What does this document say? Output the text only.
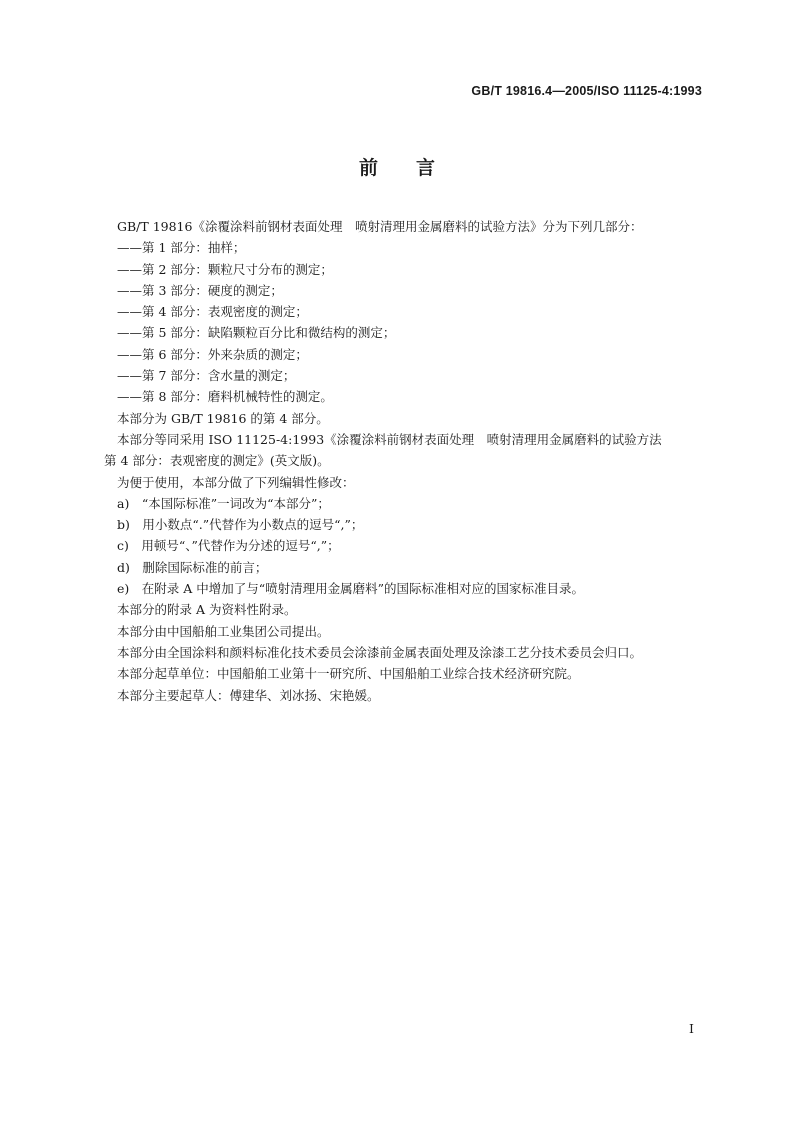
GB/T 19816.4—2005/ISO 11125-4:1993
前言

GB/T 19816《涂覆涂料前钢材表面处理　喷射清理用金属磨料的试验方法》分为下列几部分：

——第 1 部分：抽样；

——第 2 部分：颗粒尺寸分布的测定；

——第 3 部分：硬度的测定；

——第 4 部分：表观密度的测定；

——第 5 部分：缺陷颗粒百分比和微结构的测定；

——第 6 部分：外来杂质的测定；

——第 7 部分：含水量的测定；

——第 8 部分：磨料机械特性的测定。

本部分为 GB/T 19816 的第 4 部分。

本部分等同采用 ISO 11125-4:1993《涂覆涂料前钢材表面处理　喷射清理用金属磨料的试验方法
第 4 部分：表观密度的测定》(英文版)。

为便于使用，本部分做了下列编辑性修改：

a)　“本国际标准”一词改为“本部分”；

b)　用小数点“.”代替作为小数点的逗号“,”；

c)　用顿号“、”代替作为分述的逗号“,”；

d)　删除国际标准的前言；

e)　在附录 A 中增加了与“喷射清理用金属磨料”的国际标准相对应的国家标准目录。

本部分的附录 A 为资料性附录。

本部分由中国船舶工业集团公司提出。

本部分由全国涂料和颜料标准化技术委员会涂漆前金属表面处理及涂漆工艺分技术委员会归口。

本部分起草单位：中国船舶工业第十一研究所、中国船舶工业综合技术经济研究院。

本部分主要起草人：傅建华、刘冰扬、宋艳媛。

I
